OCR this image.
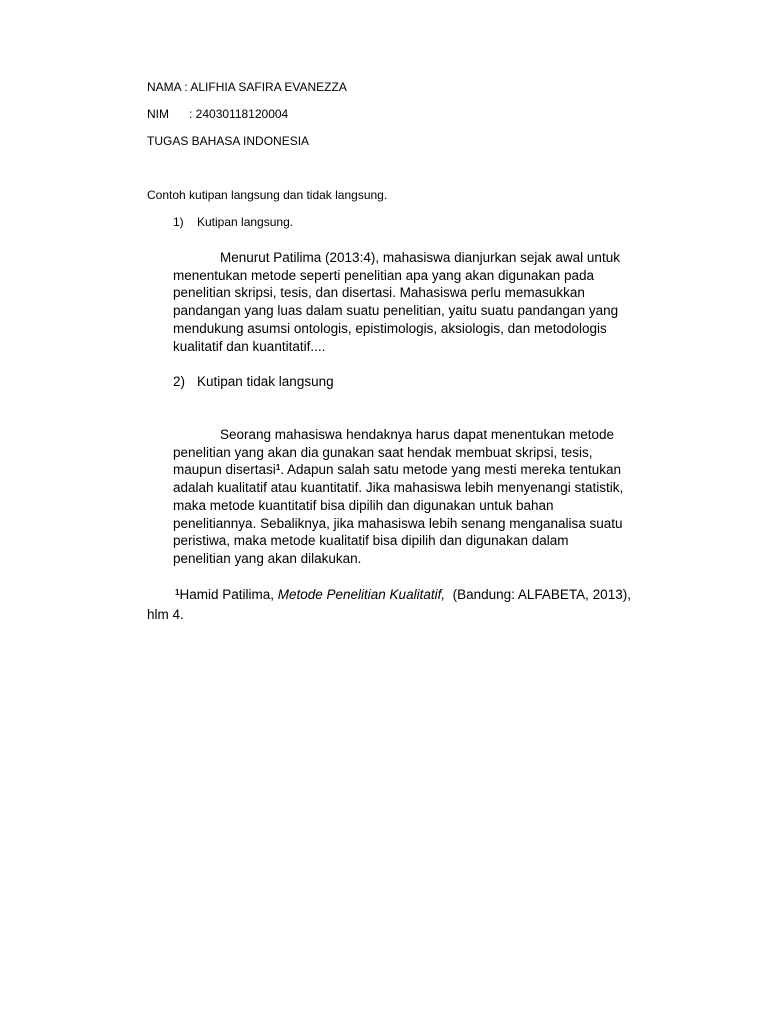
NAMA : ALIFHIA SAFIRA EVANEZZA
NIM : 24030118120004
TUGAS BAHASA INDONESIA
Contoh kutipan langsung dan tidak langsung.
1) Kutipan langsung.
Menurut Patilima (2013:4), mahasiswa dianjurkan sejak awal untuk
menentukan metode seperti penelitian apa yang akan digunakan pada
penelitian skripsi, tesis, dan disertasi. Mahasiswa perlu memasukkan
pandangan yang luas dalam suatu penelitian, yaitu suatu pandangan yang
mendukung asumsi ontologis, epistimologis, aksiologis, dan metodologis
kualitatif dan kuantitatif....
2) Kutipan tidak langsung
Seorang mahasiswa hendaknya harus dapat menentukan metode
penelitian yang akan dia gunakan saat hendak membuat skripsi, tesis,
maupun disertasi$^1$. Adapun salah satu metode yang mesti mereka tentukan
adalah kualitatif atau kuantitatif. Jika mahasiswa lebih menyenangi statistik,
maka metode kuantitatif bisa dipilih dan digunakan untuk bahan
penelitiannya. Sebaliknya, jika mahasiswa lebih senang menganalisa suatu
peristiwa, maka metode kualitatif bisa dipilih dan digunakan dalam
penelitian yang akan dilakukan.
$^1$Hamid Patilima, Metode Penelitian Kualitatif,  (Bandung: ALFABETA, 2013),
hlm 4.
